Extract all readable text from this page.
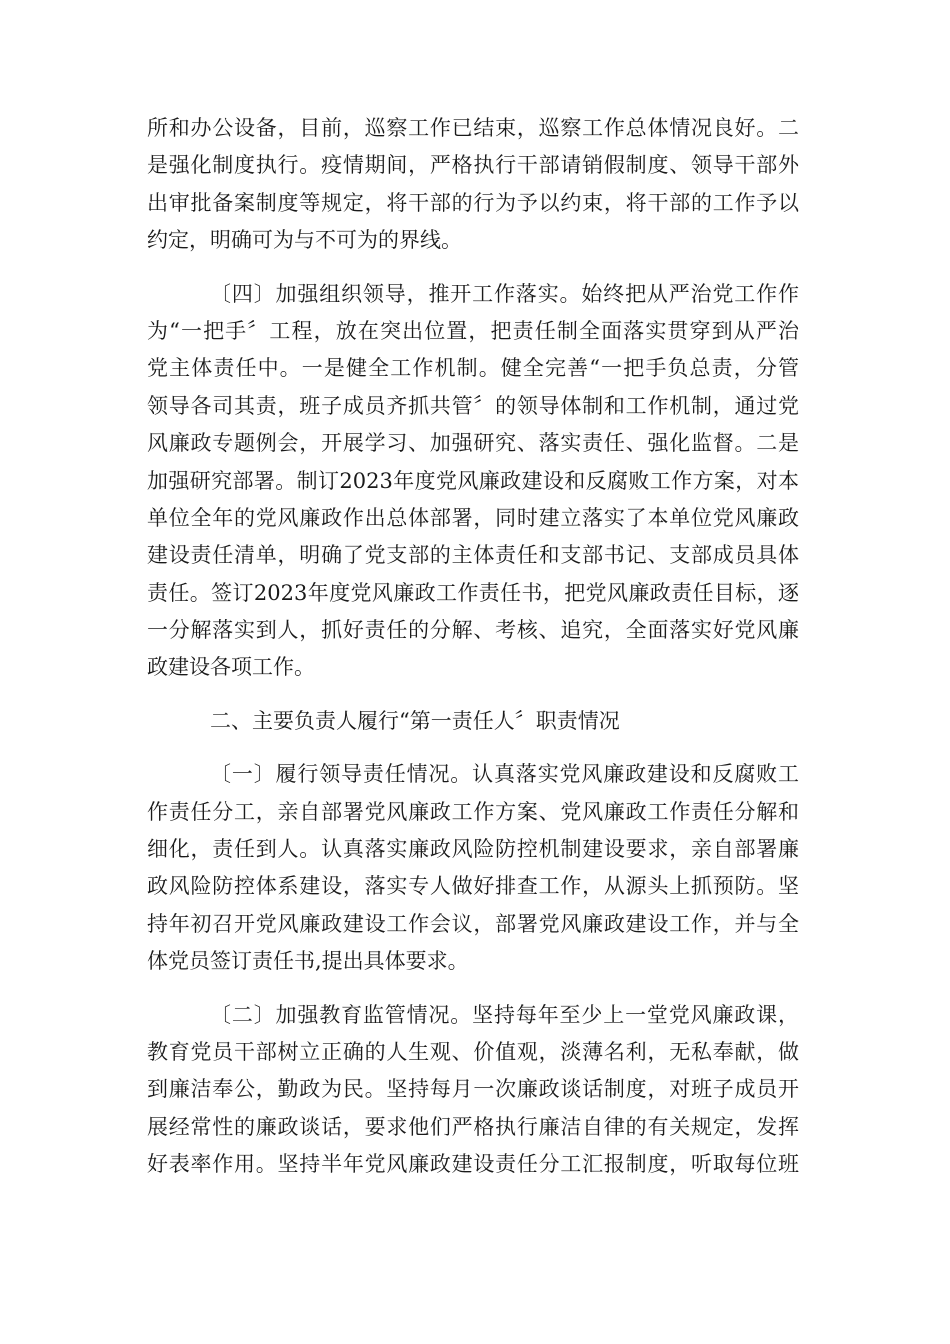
所和办公设备，目前，巡察工作已结束，巡察工作总体情况良好。二
是强化制度执行。疫情期间，严格执行干部请销假制度、领导干部外
出审批备案制度等规定，将干部的行为予以约束，将干部的工作予以
约定，明确可为与不可为的界线。
〔四〕加强组织领导，推开工作落实。始终把从严治党工作作
为“一把手〞工程，放在突出位置，把责任制全面落实贯穿到从严治
党主体责任中。一是健全工作机制。健全完善“一把手负总责，分管
领导各司其责，班子成员齐抓共管〞的领导体制和工作机制，通过党
风廉政专题例会，开展学习、加强研究、落实责任、强化监督。二是
加强研究部署。制订2023年度党风廉政建设和反腐败工作方案，对本
单位全年的党风廉政作出总体部署，同时建立落实了本单位党风廉政
建设责任清单，明确了党支部的主体责任和支部书记、支部成员具体
责任。签订2023年度党风廉政工作责任书，把党风廉政责任目标，逐
一分解落实到人，抓好责任的分解、考核、追究，全面落实好党风廉
政建设各项工作。
二、主要负责人履行“第一责任人〞职责情况
〔一〕履行领导责任情况。认真落实党风廉政建设和反腐败工
作责任分工，亲自部署党风廉政工作方案、党风廉政工作责任分解和
细化，责任到人。认真落实廉政风险防控机制建设要求，亲自部署廉
政风险防控体系建设，落实专人做好排查工作，从源头上抓预防。坚
持年初召开党风廉政建设工作会议，部署党风廉政建设工作，并与全
体党员签订责任书,提出具体要求。
〔二〕加强教育监管情况。坚持每年至少上一堂党风廉政课，
教育党员干部树立正确的人生观、价值观，淡薄名利，无私奉献，做
到廉洁奉公，勤政为民。坚持每月一次廉政谈话制度，对班子成员开
展经常性的廉政谈话，要求他们严格执行廉洁自律的有关规定，发挥
好表率作用。坚持半年党风廉政建设责任分工汇报制度，听取每位班
